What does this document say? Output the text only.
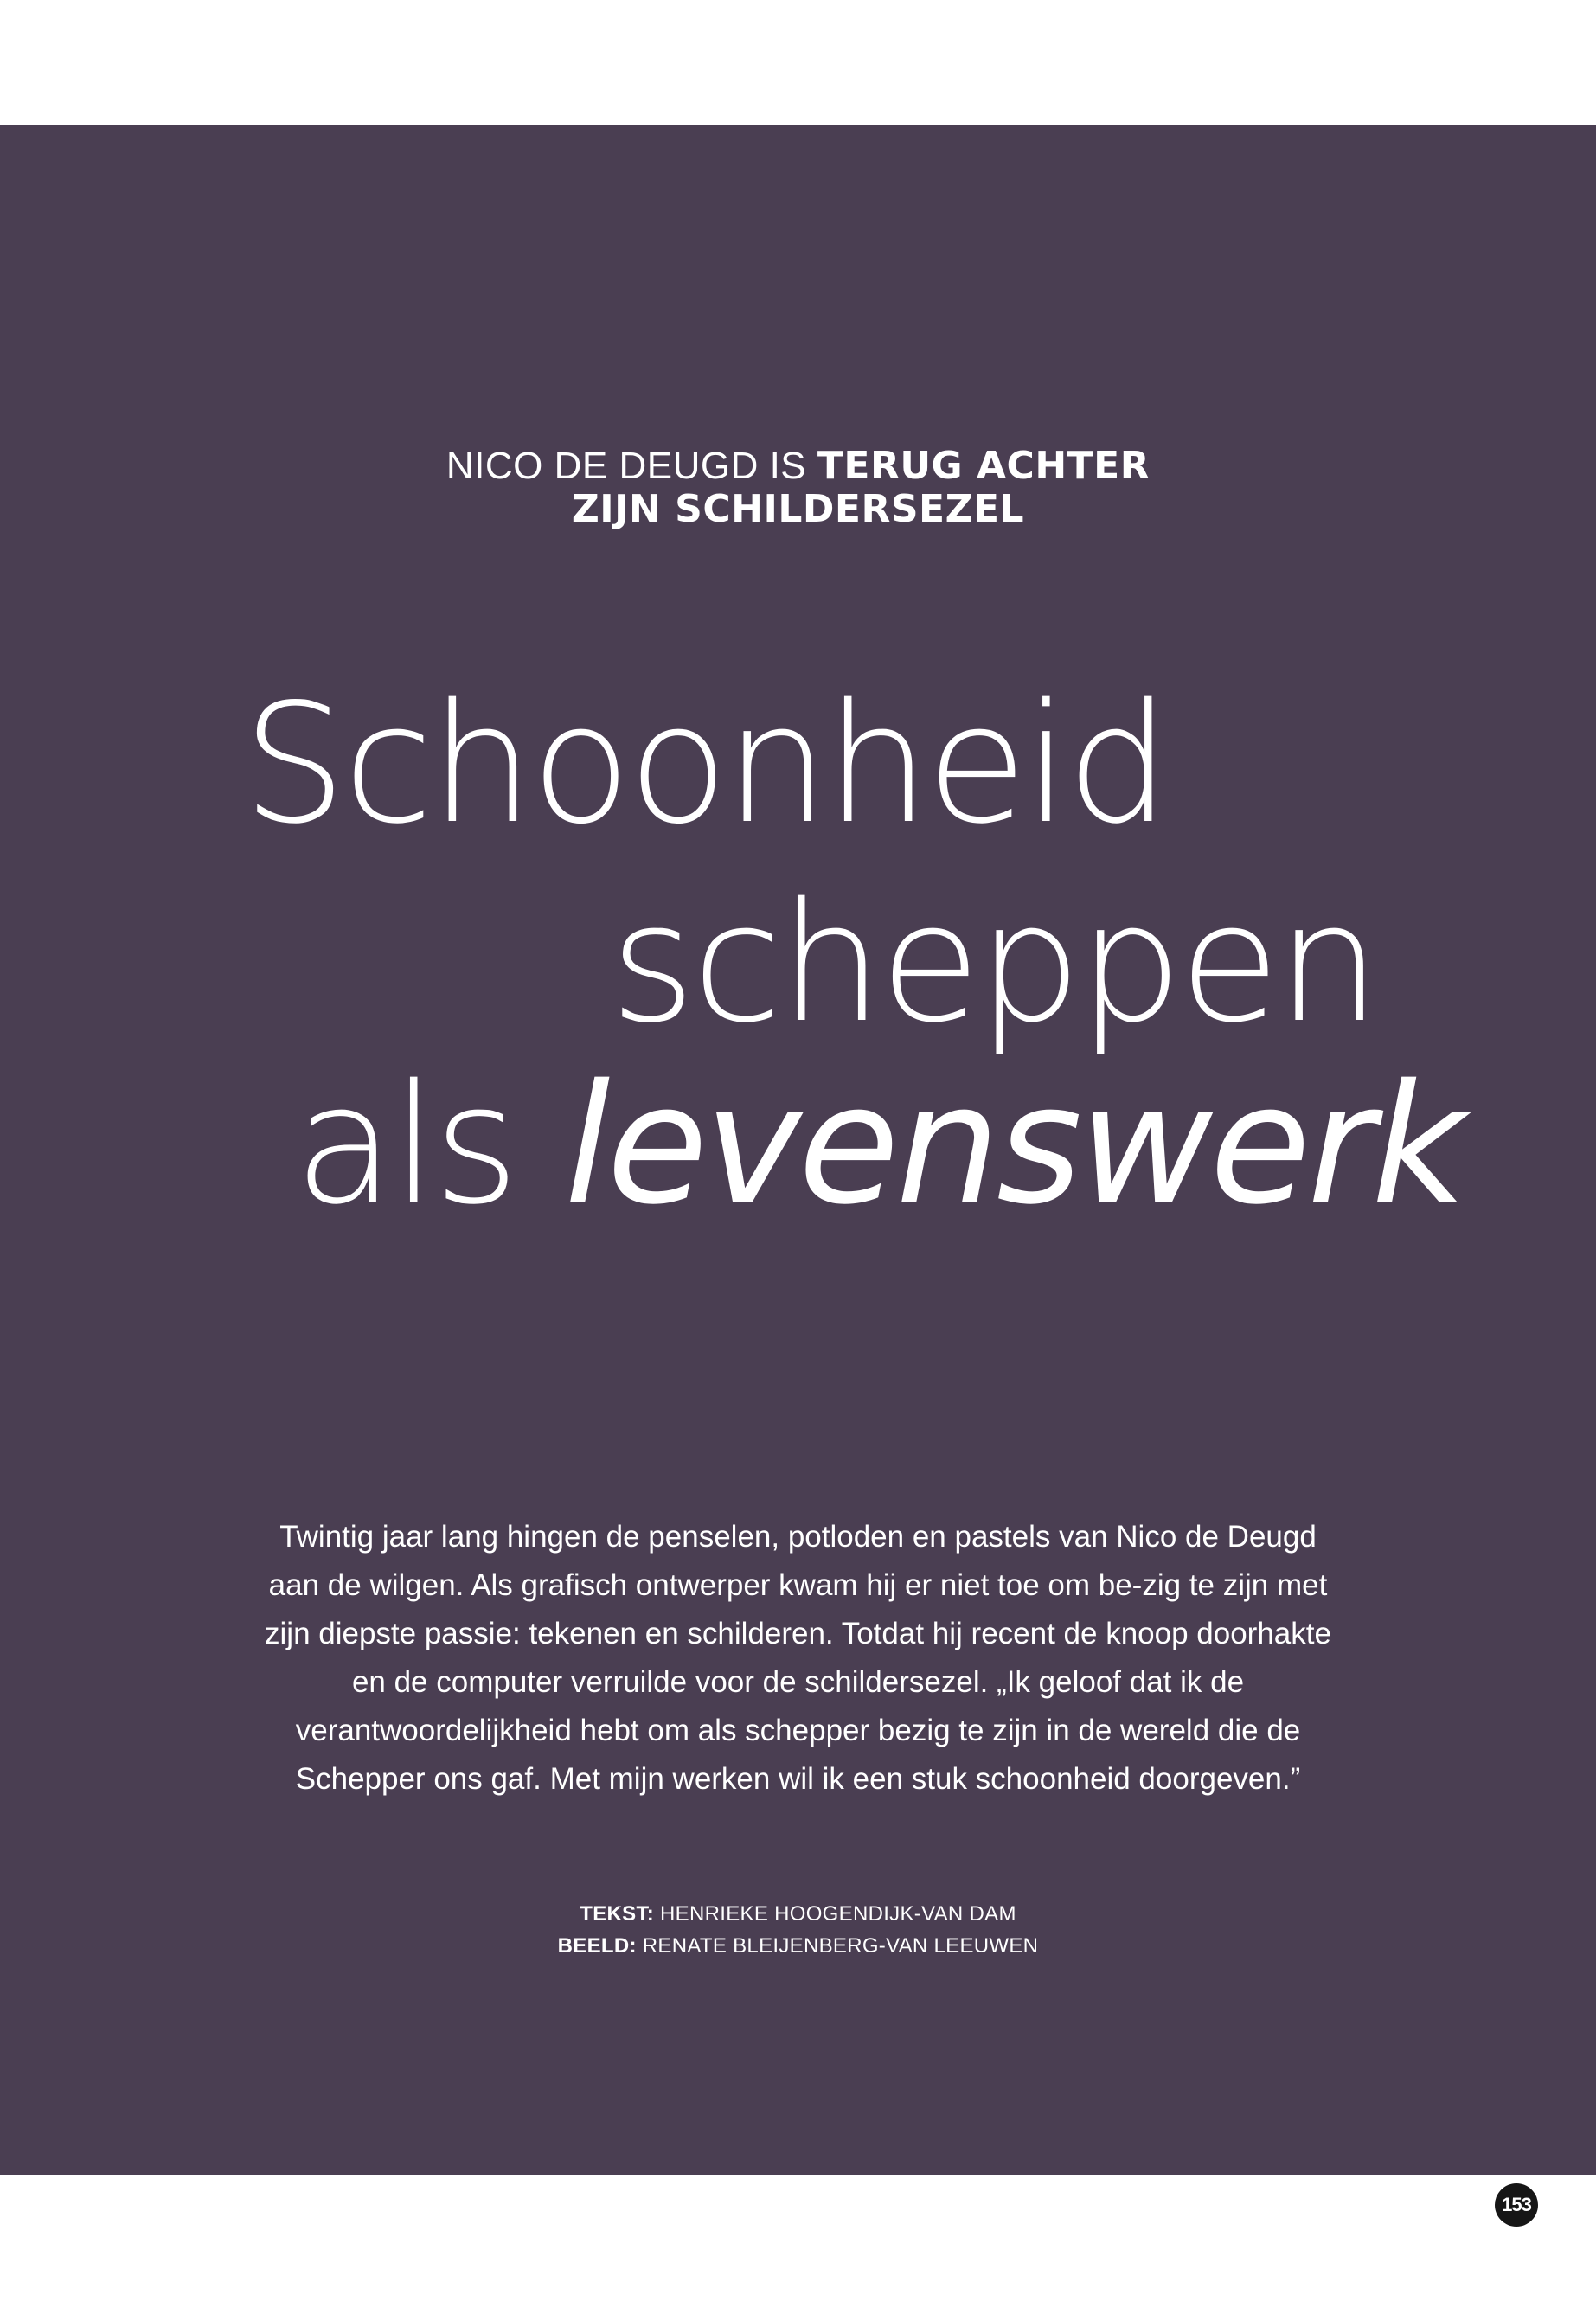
NICO DE DEUGD IS TERUG ACHTER
ZIJN SCHILDERSEZEL
Schoonheid
scheppen
als levenswerk
Twintig jaar lang hingen de penselen, potloden en pastels van Nico de Deugd aan de wilgen. Als grafisch ontwerper kwam hij er niet toe om be-zig te zijn met zijn diepste passie: tekenen en schilderen. Totdat hij recent de knoop doorhakte en de computer verruilde voor de schildersezel. „Ik geloof dat ik de verantwoordelijkheid hebt om als schepper bezig te zijn in de wereld die de Schepper ons gaf. Met mijn werken wil ik een stuk schoonheid doorgeven.”
TEKST: HENRIEKE HOOGENDIJK-VAN DAM
BEELD: RENATE BLEIJENBERG-VAN LEEUWEN
153
